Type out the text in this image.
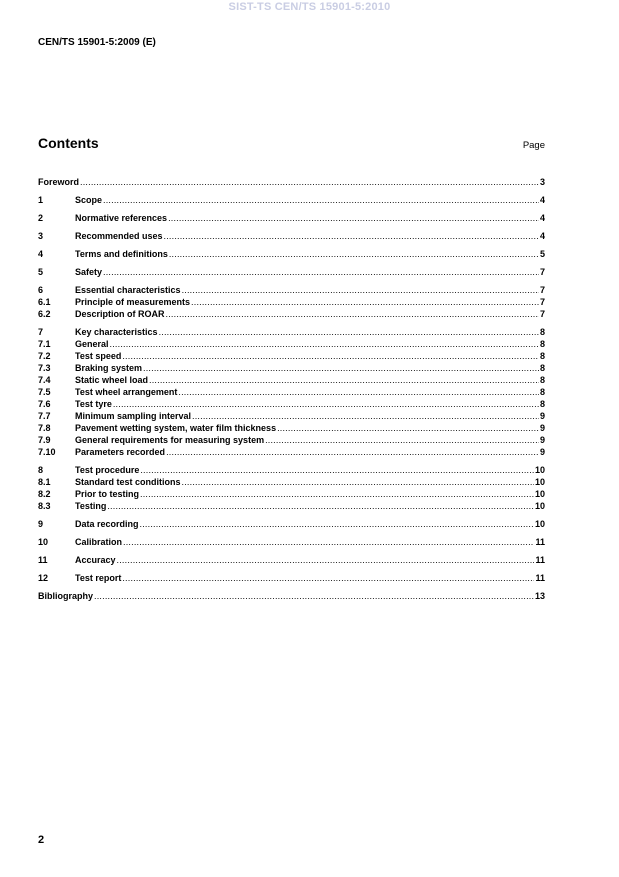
SIST-TS CEN/TS 15901-5:2010
CEN/TS 15901-5:2009 (E)
Contents	Page
Foreword .....	3
1	Scope .....	4
2	Normative references .....	4
3	Recommended uses .....	4
4	Terms and definitions .....	5
5	Safety .....	7
6	Essential characteristics .....	7
6.1	Principle of measurements .....	7
6.2	Description of ROAR .....	7
7	Key characteristics .....	8
7.1	General .....	8
7.2	Test speed .....	8
7.3	Braking system .....	8
7.4	Static wheel load .....	8
7.5	Test wheel arrangement .....	8
7.6	Test tyre .....	8
7.7	Minimum sampling interval .....	9
7.8	Pavement wetting system, water film thickness .....	9
7.9	General requirements for measuring system .....	9
7.10	Parameters recorded .....	9
8	Test procedure .....	10
8.1	Standard test conditions .....	10
8.2	Prior to testing .....	10
8.3	Testing .....	10
9	Data recording .....	10
10	Calibration .....	11
11	Accuracy .....	11
12	Test report .....	11
Bibliography .....	13
2
